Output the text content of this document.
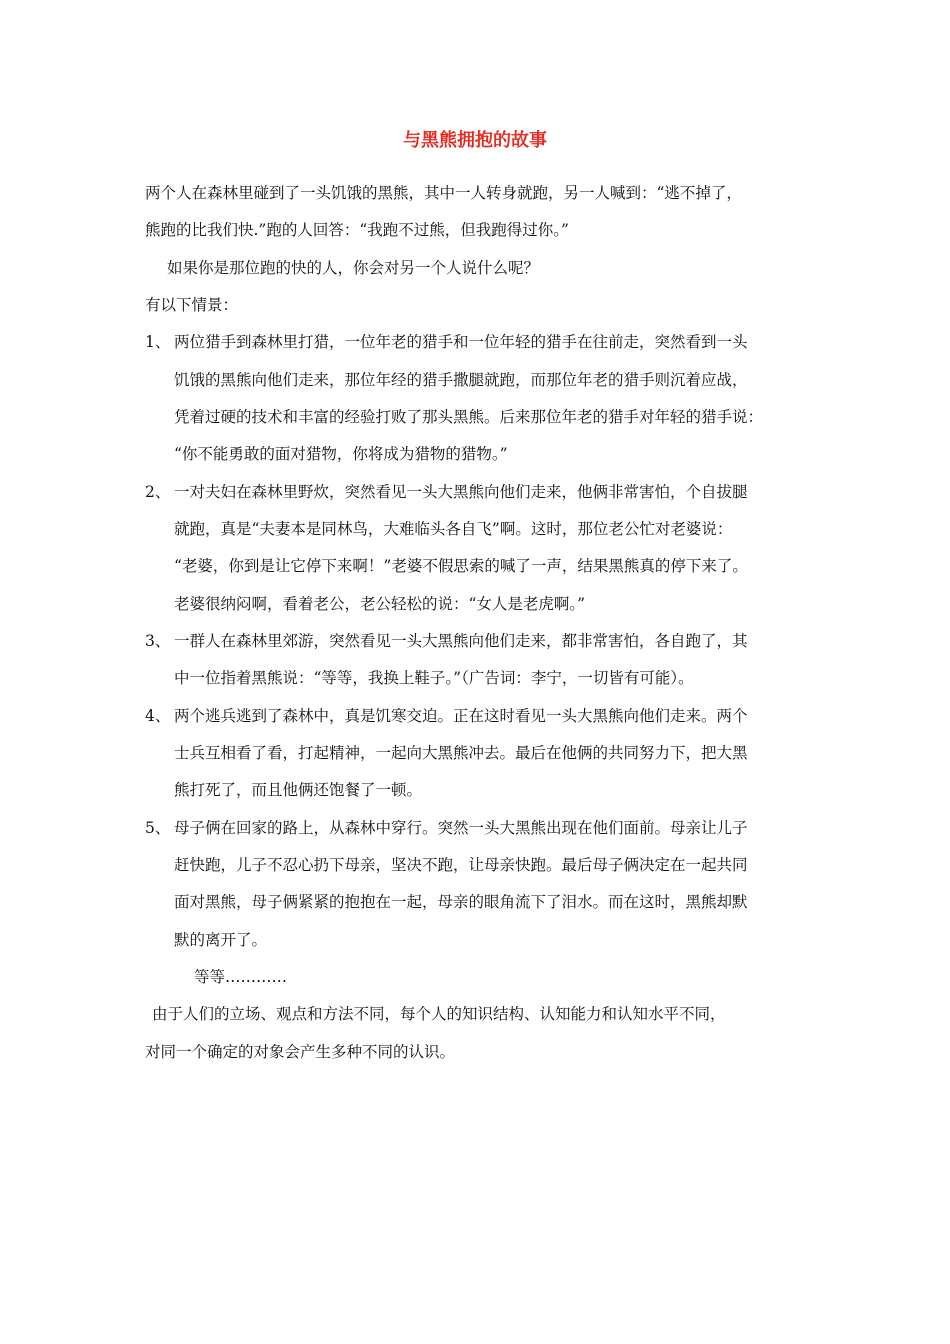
与黑熊拥抱的故事
两个人在森林里碰到了一头饥饿的黑熊，其中一人转身就跑，另一人喊到：“逃不掉了，
熊跑的比我们快.”跑的人回答：“我跑不过熊，但我跑得过你。”
如果你是那位跑的快的人，你会对另一个人说什么呢？
有以下情景：
1、 两位猎手到森林里打猎，一位年老的猎手和一位年轻的猎手在往前走，突然看到一头
饥饿的黑熊向他们走来，那位年经的猎手撒腿就跑，而那位年老的猎手则沉着应战，
凭着过硬的技术和丰富的经验打败了那头黑熊。后来那位年老的猎手对年轻的猎手说：
“你不能勇敢的面对猎物，你将成为猎物的猎物。”
2、 一对夫妇在森林里野炊，突然看见一头大黑熊向他们走来，他俩非常害怕，个自拔腿
就跑，真是“夫妻本是同林鸟，大难临头各自飞”啊。这时，那位老公忙对老婆说：
“老婆，你到是让它停下来啊！”老婆不假思索的喊了一声，结果黑熊真的停下来了。
老婆很纳闷啊，看着老公，老公轻松的说：“女人是老虎啊。”
3、 一群人在森林里郊游，突然看见一头大黑熊向他们走来，都非常害怕，各自跑了，其
中一位指着黑熊说：“等等，我换上鞋子。”（广告词：李宁，一切皆有可能）。
4、 两个逃兵逃到了森林中，真是饥寒交迫。正在这时看见一头大黑熊向他们走来。两个
士兵互相看了看，打起精神，一起向大黑熊冲去。最后在他俩的共同努力下，把大黑
熊打死了，而且他俩还饱餐了一顿。
5、 母子俩在回家的路上，从森林中穿行。突然一头大黑熊出现在他们面前。母亲让儿子
赶快跑，儿子不忍心扔下母亲，坚决不跑，让母亲快跑。最后母子俩决定在一起共同
面对黑熊，母子俩紧紧的抱抱在一起，母亲的眼角流下了泪水。而在这时，黑熊却默
默的离开了。
等等…………
由于人们的立场、观点和方法不同，每个人的知识结构、认知能力和认知水平不同，
对同一个确定的对象会产生多种不同的认识。
